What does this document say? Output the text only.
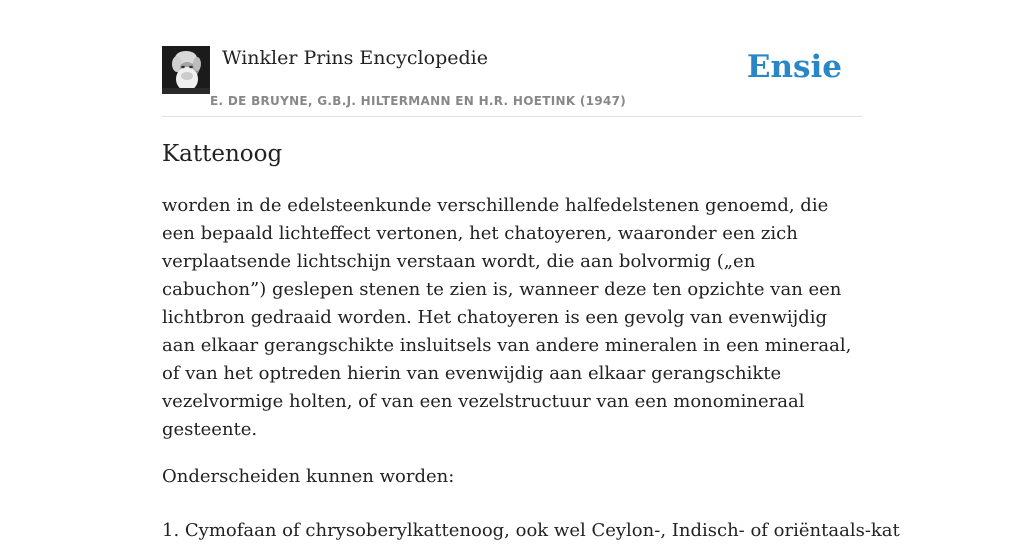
Winkler Prins Encyclopedie
E. DE BRUYNE, G.B.J. HILTERMANN EN H.R. HOETINK (1947)
Ensie
Kattenoog

worden in de edelsteenkunde verschillende halfedelstenen genoemd, die een bepaald lichteffect vertonen, het chatoyeren, waaronder een zich verplaatsende lichtschijn verstaan wordt, die aan bolvormig („en cabuchon”) geslepen stenen te zien is, wanneer deze ten opzichte van een lichtbron gedraaid worden. Het chatoyeren is een gevolg van evenwijdig aan elkaar gerangschikte insluitsels van andere mineralen in een mineraal, of van het optreden hierin van evenwijdig aan elkaar gerangschikte vezelvormige holten, of van een vezelstructuur van een monomineraal gesteente.

Onderscheiden kunnen worden:

1. Cymofaan of chrysoberylkattenoog, ook wel Ceylon-, Indisch- of oriëntaals-kat
